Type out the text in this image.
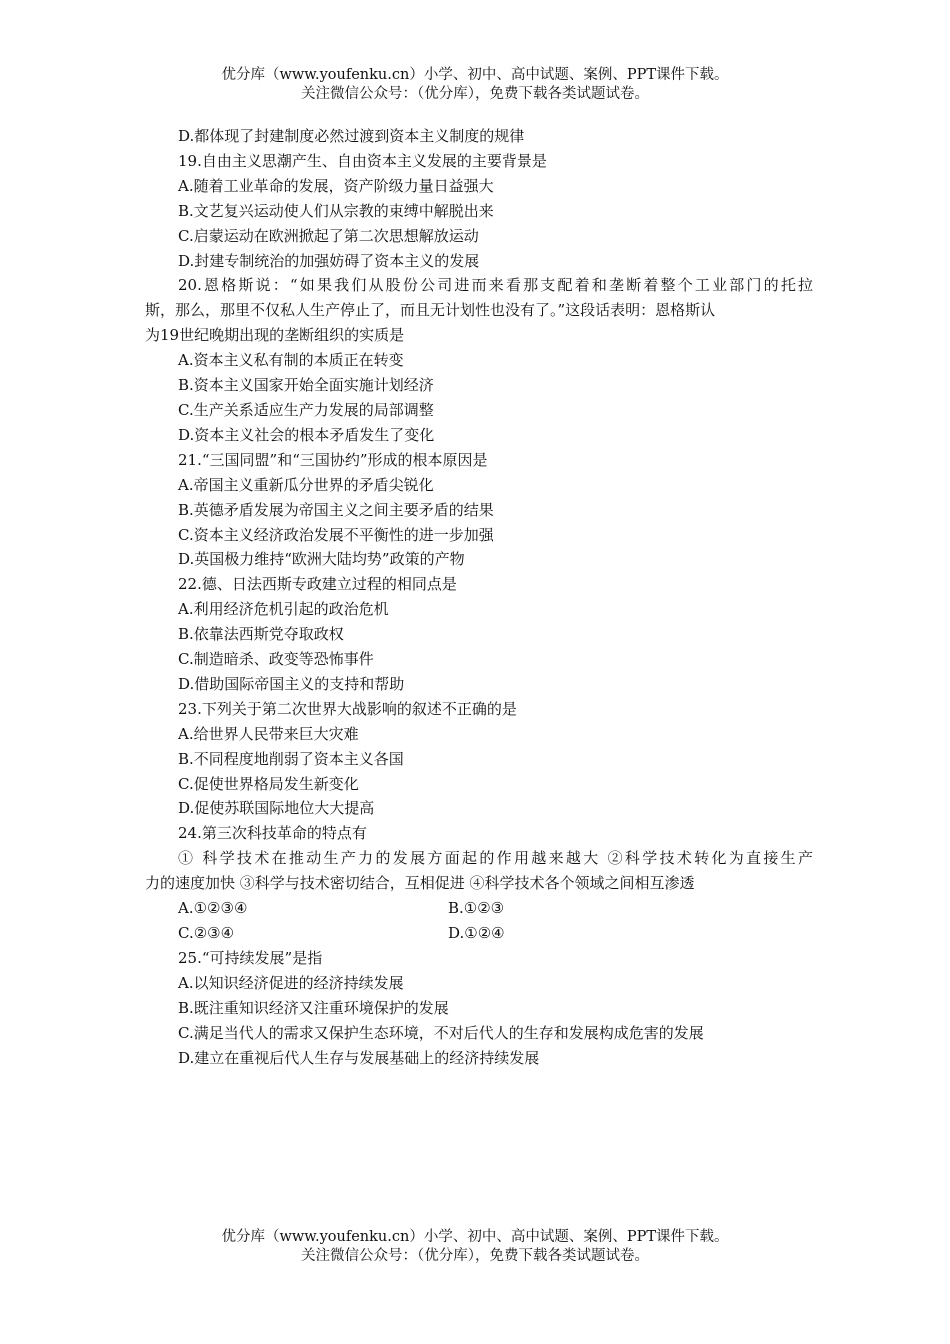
优分库（www.youfenku.cn）小学、初中、高中试题、案例、PPT课件下载。
关注微信公众号：（优分库），免费下载各类试题试卷。
D.都体现了封建制度必然过渡到资本主义制度的规律
19.自由主义思潮产生、自由资本主义发展的主要背景是
A.随着工业革命的发展，资产阶级力量日益强大
B.文艺复兴运动使人们从宗教的束缚中解脱出来
C.启蒙运动在欧洲掀起了第二次思想解放运动
D.封建专制统治的加强妨碍了资本主义的发展
20.恩格斯说：“如果我们从股份公司进而来看那支配着和垄断着整个工业部门的托拉
斯，那么，那里不仅私人生产停止了，而且无计划性也没有了。”这段话表明：恩格斯认
为19世纪晚期出现的垄断组织的实质是
A.资本主义私有制的本质正在转变
B.资本主义国家开始全面实施计划经济
C.生产关系适应生产力发展的局部调整
D.资本主义社会的根本矛盾发生了变化
21.“三国同盟”和“三国协约”形成的根本原因是
A.帝国主义重新瓜分世界的矛盾尖锐化
B.英德矛盾发展为帝国主义之间主要矛盾的结果
C.资本主义经济政治发展不平衡性的进一步加强
D.英国极力维持“欧洲大陆均势”政策的产物
22.德、日法西斯专政建立过程的相同点是
A.利用经济危机引起的政治危机
B.依靠法西斯党夺取政权
C.制造暗杀、政变等恐怖事件
D.借助国际帝国主义的支持和帮助
23.下列关于第二次世界大战影响的叙述不正确的是
A.给世界人民带来巨大灾难
B.不同程度地削弱了资本主义各国
C.促使世界格局发生新变化
D.促使苏联国际地位大大提高
24.第三次科技革命的特点有
① 科学技术在推动生产力的发展方面起的作用越来越大 ②科学技术转化为直接生产
力的速度加快 ③科学与技术密切结合，互相促进 ④科学技术各个领域之间相互渗透
A.①②③④	B.①②③
C.②③④	D.①②④
25.“可持续发展”是指
A.以知识经济促进的经济持续发展
B.既注重知识经济又注重环境保护的发展
C.满足当代人的需求又保护生态环境，不对后代人的生存和发展构成危害的发展
D.建立在重视后代人生存与发展基础上的经济持续发展
优分库（www.youfenku.cn）小学、初中、高中试题、案例、PPT课件下载。
关注微信公众号：（优分库），免费下载各类试题试卷。
